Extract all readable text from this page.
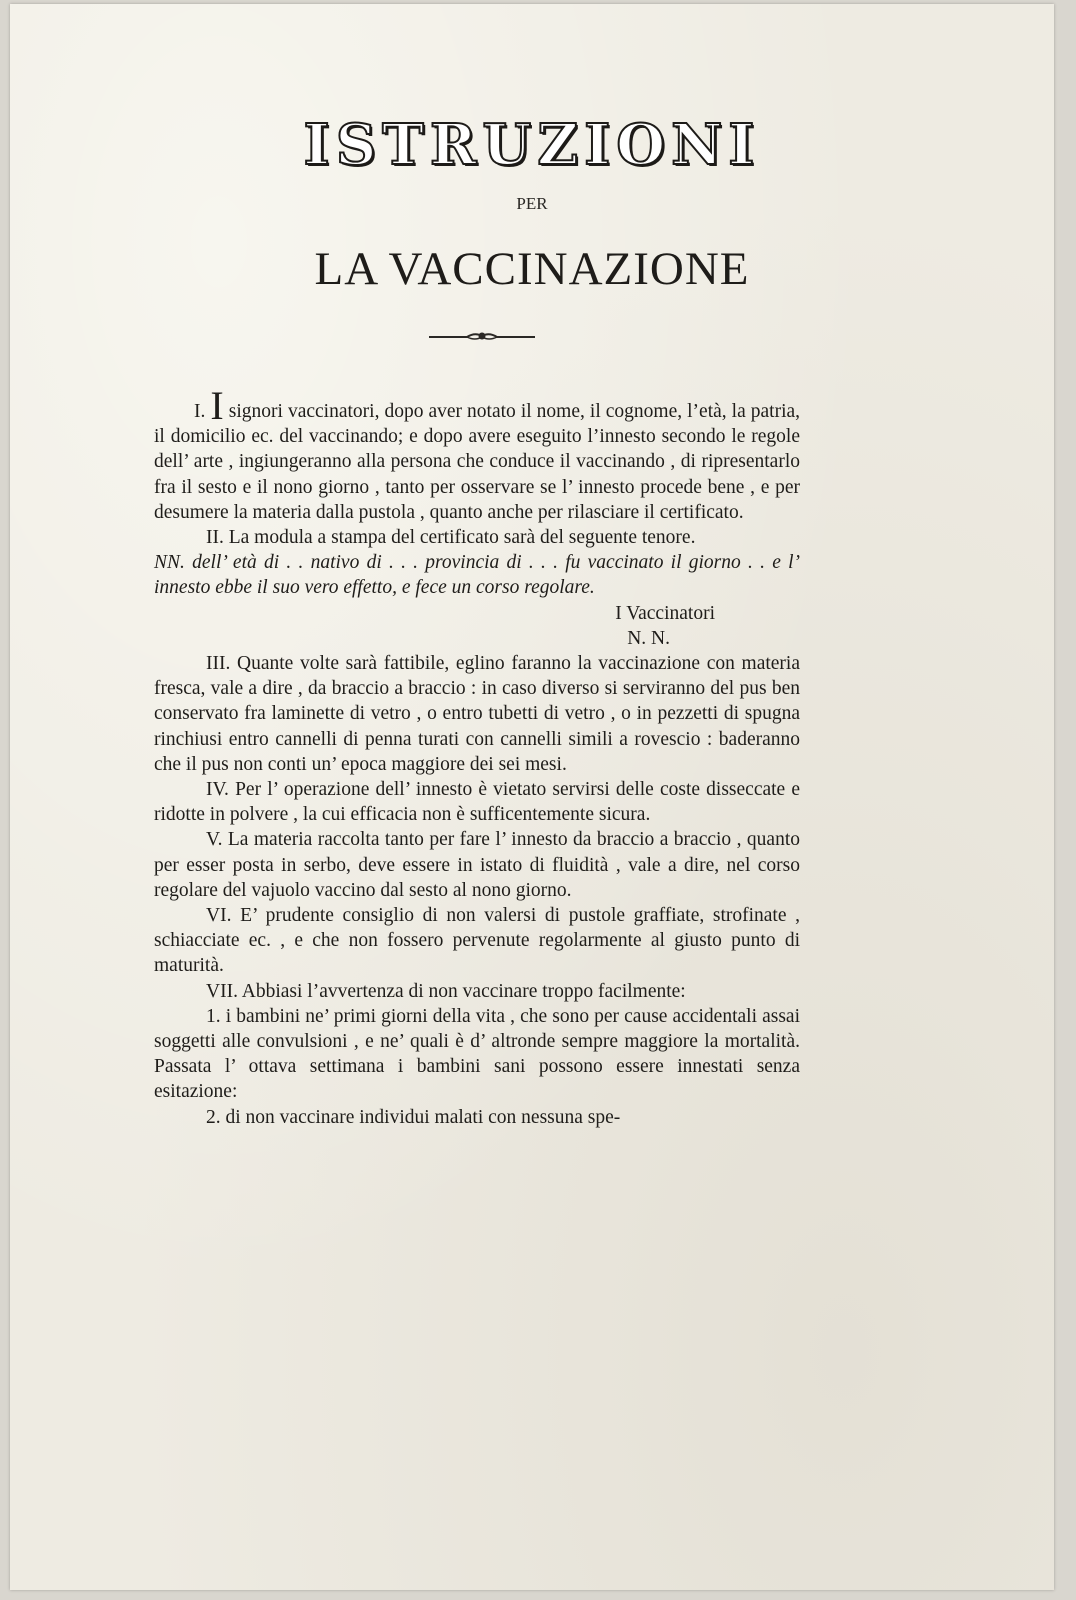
ISTRUZIONI
PER
LA VACCINAZIONE

I. I signori vaccinatori, dopo aver notato il nome, il cognome, l’età, la patria, il domicilio ec. del vaccinando; e dopo avere eseguito l’innesto secondo le regole dell’ arte , ingiungeranno alla persona che conduce il vaccinando , di ripresentarlo fra il sesto e il nono giorno , tanto per osservare se l’ innesto procede bene , e per desumere la materia dalla pustola , quanto anche per rilasciare il certificato.

II. La modula a stampa del certificato sarà del seguente tenore.

NN. dell’ età di . . nativo di . . . provincia di . . . fu vaccinato il giorno . . e l’ innesto ebbe il suo vero effetto, e fece un corso regolare.

I Vaccinatori

N. N.

III. Quante volte sarà fattibile, eglino faranno la vaccinazione con materia fresca, vale a dire , da braccio a braccio : in caso diverso si serviranno del pus ben conservato fra laminette di vetro , o entro tubetti di vetro , o in pezzetti di spugna rinchiusi entro cannelli di penna turati con cannelli simili a rovescio : baderanno che il pus non conti un’ epoca maggiore dei sei mesi.

IV. Per l’ operazione dell’ innesto è vietato servirsi delle coste disseccate e ridotte in polvere , la cui efficacia non è sufficentemente sicura.

V. La materia raccolta tanto per fare l’ innesto da braccio a braccio , quanto per esser posta in serbo, deve essere in istato di fluidità , vale a dire, nel corso regolare del vajuolo vaccino dal sesto al nono giorno.

VI. E’ prudente consiglio di non valersi di pustole graffiate, strofinate , schiacciate ec. , e che non fossero pervenute regolarmente al giusto punto di maturità.

VII. Abbiasi l’avvertenza di non vaccinare troppo facilmente:

1. i bambini ne’ primi giorni della vita , che sono per cause accidentali assai soggetti alle convulsioni , e ne’ quali è d’ altronde sempre maggiore la mortalità. Passata l’ ottava settimana i bambini sani possono essere innestati senza esitazione:

2. di non vaccinare individui malati con nessuna spe-
